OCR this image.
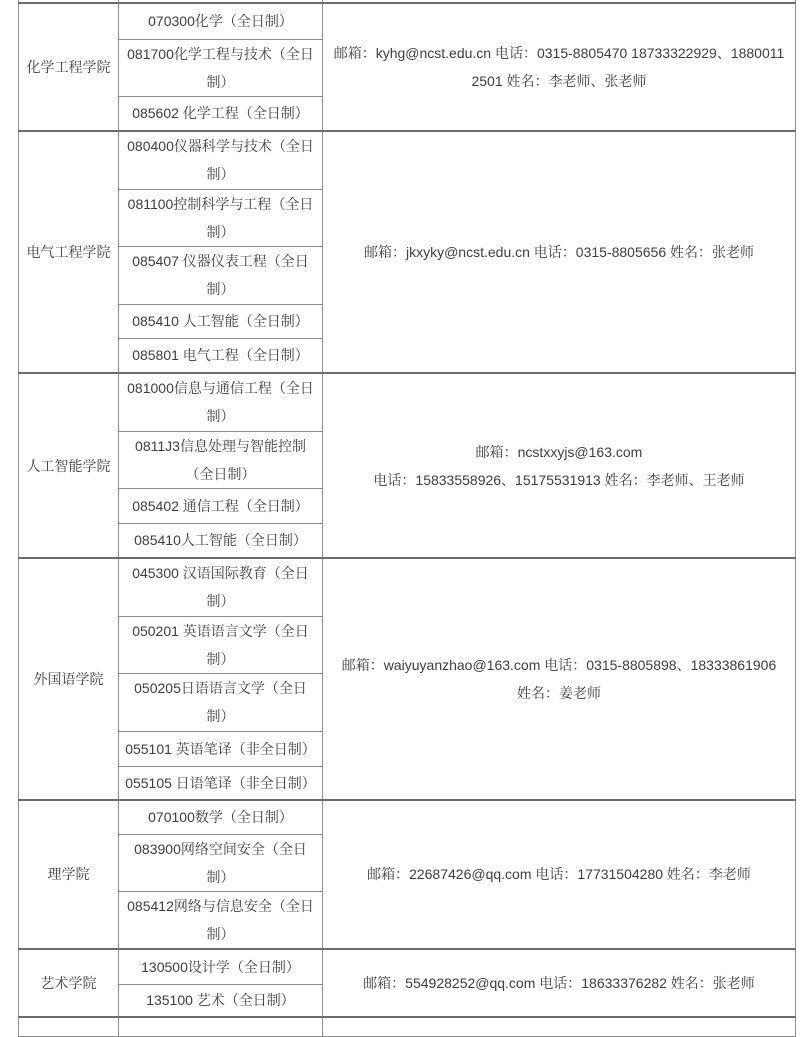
化学工程学院	070300化学（全日制）	邮箱：kyhg@ncst.edu.cn 电话：0315-8805470 18733322929、18800112501 姓名：李老师、张老师

	081700化学工程与技术（全日制）	
	085602 化学工程（全日制）	
电气工程学院	080400仪器科学与技术（全日制）	邮箱：jkxyky@ncst.edu.cn 电话：0315-8805656 姓名：张老师

	081100控制科学与工程（全日制）	
	085407 仪器仪表工程（全日制）	
	085410 人工智能（全日制）	
	085801 电气工程（全日制）	
人工智能学院	081000信息与通信工程（全日制）	邮箱：ncstxxyjs@163.com
电话：15833558926、15175531913 姓名：李老师、王老师

	0811J3信息处理与智能控制（全日制）	
	085402 通信工程（全日制）	
	085410人工智能（全日制）	
外国语学院	045300 汉语国际教育（全日制）	邮箱：waiyuyanzhao@163.com 电话：0315-8805898、18333861906 姓名：姜老师

	050201 英语语言文学（全日制）	
	050205日语语言文学（全日制）	
	055101 英语笔译（非全日制）	
	055105 日语笔译（非全日制）	
理学院	070100数学（全日制）	邮箱：22687426@qq.com 电话：17731504280 姓名：李老师

	083900网络空间安全（全日制）	
	085412网络与信息安全（全日制）	
艺术学院	130500设计学（全日制）	邮箱：554928252@qq.com 电话：18633376282 姓名：张老师

	135100 艺术（全日制）	
